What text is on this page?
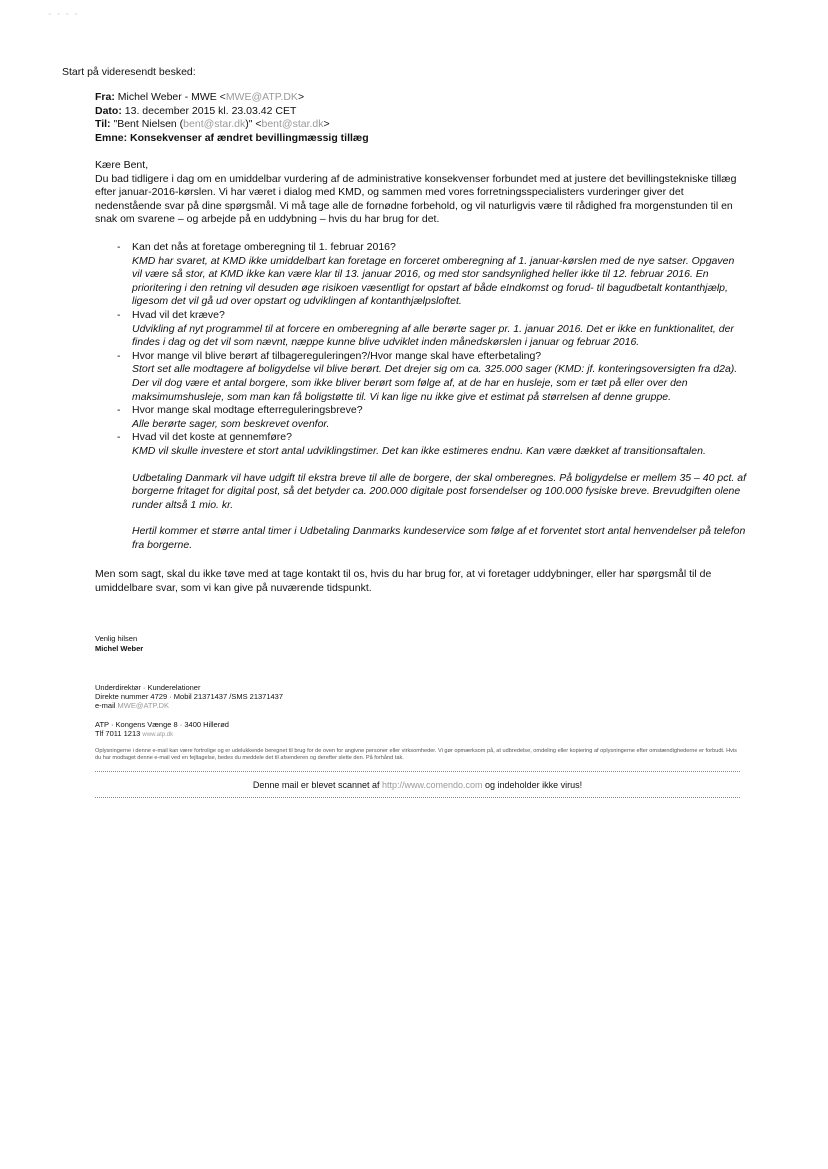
- - - -
Start på videresendt besked:
Fra: Michel Weber - MWE <MWE@ATP.DK>
Dato: 13. december 2015 kl. 23.03.42 CET
Til: "Bent Nielsen (bent@star.dk)" <bent@star.dk>
Emne: Konsekvenser af ændret bevillingmæssig tillæg

Kære Bent,

Du bad tidligere i dag om en umiddelbar vurdering af de administrative konsekvenser forbundet med at justere det bevillingstekniske tillæg efter januar-2016-kørslen. Vi har været i dialog med KMD, og sammen med vores forretningsspecialisters vurderinger giver det nedenstående svar på dine spørgsmål. Vi må tage alle de fornødne forbehold, og vil naturligvis være til rådighed fra morgenstunden til en snak om svarene – og arbejde på en uddybning – hvis du har brug for det.

- Kan det nås at foretage omberegning til 1. februar 2016?

KMD har svaret, at KMD ikke umiddelbart kan foretage en forceret omberegning af 1. januar-kørslen med de nye satser. Opgaven vil være så stor, at KMD ikke kan være klar til 13. januar 2016, og med stor sandsynlighed heller ikke til 12. februar 2016. En prioritering i den retning vil desuden øge risikoen væsentligt for opstart af både eIndkomst og forud- til bagudbetalt kontanthjælp, ligesom det vil gå ud over opstart og udviklingen af kontanthjælpsloftet.

- Hvad vil det kræve?

Udvikling af nyt programmel til at forcere en omberegning af alle berørte sager pr. 1. januar 2016. Det er ikke en funktionalitet, der findes i dag og det vil som nævnt, næppe kunne blive udviklet inden månedskørslen i januar og februar 2016.

- Hvor mange vil blive berørt af tilbagereguleringen?/Hvor mange skal have efterbetaling?

Stort set alle modtagere af boligydelse vil blive berørt. Det drejer sig om ca. 325.000 sager (KMD: jf. konteringsoversigten fra d2a). Der vil dog være et antal borgere, som ikke bliver berørt som følge af, at de har en husleje, som er tæt på eller over den maksimumshusleje, som man kan få boligstøtte til. Vi kan lige nu ikke give et estimat på størrelsen af denne gruppe.

- Hvor mange skal modtage efterreguleringsbreve?

Alle berørte sager, som beskrevet ovenfor.

- Hvad vil det koste at gennemføre?

KMD vil skulle investere et stort antal udviklingstimer. Det kan ikke estimeres endnu. Kan være dækket af transitionsaftalen.

Udbetaling Danmark vil have udgift til ekstra breve til alle de borgere, der skal omberegnes. På boligydelse er mellem 35 – 40 pct. af borgerne fritaget for digital post, så det betyder ca. 200.000 digitale post forsendelser og 100.000 fysiske breve. Brevudgiften olene runder altså 1 mio. kr.

Hertil kommer et større antal timer i Udbetaling Danmarks kundeservice som følge af et forventet stort antal henvendelser på telefon fra borgerne.

Men som sagt, skal du ikke tøve med at tage kontakt til os, hvis du har brug for, at vi foretager uddybninger, eller har spørgsmål til de umiddelbare svar, som vi kan give på nuværende tidspunkt.
Venlig hilsen
Michel Weber
Underdirektør · Kunderelationer
Direkte nummer 4729 · Mobil 21371437 /SMS 21371437
e-mail MWE@ATP.DK
ATP · Kongens Vænge 8 · 3400 Hillerød
Tlf 7011 1213 www.atp.dk
Oplysningerne i denne e-mail kan være fortrolige og er udelukkende beregnet til brug for de oven for angivne personer eller virksomheder. Vi gør opmærksom på, at udbredelse, omdeling eller kopiering af oplysningerne efter omstændighederne er forbudt. Hvis du har modtaget denne e-mail ved en fejltagelse, bedes du meddele det til afsenderen og derefter slette den. På forhånd tak.
Denne mail er blevet scannet af http://www.comendo.com og indeholder ikke virus!
